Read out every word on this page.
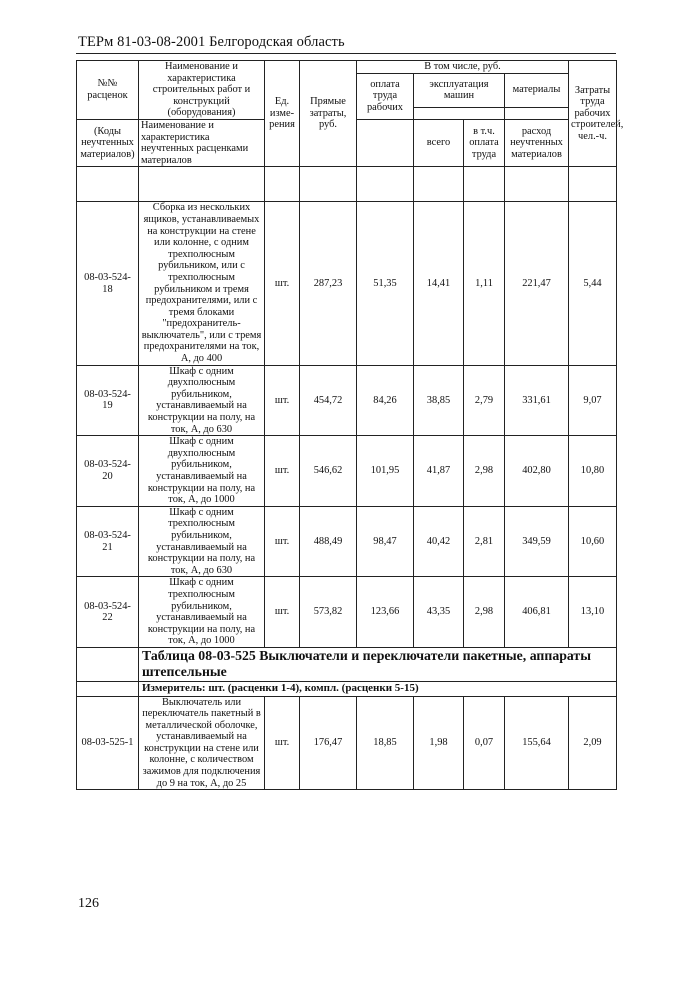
ТЕРм 81-03-08-2001 Белгородская область
№№ расценок	Наименование и характеристика строительных работ и конструкций (оборудования)	Ед. изме-рения	Прямые затраты, руб.	В том числе, руб.				Затраты труда рабочих строителей, чел.-ч.
				оплата труда рабочих	эксплуатация машин		материалы	

(Коды неучтенных материалов)	Наименование и характеристика неучтенных расценками материалов				всего	в т.ч. оплата труда	расход неучтенных материалов	

08-03-524-18	Сборка из нескольких ящиков, устанавливаемых на конструкции на стене или колонне, с одним трехполюсным рубильником, или с трехполюсным рубильником и тремя предохранителями, или с тремя блоками "предохранитель-выключатель", или с тремя предохранителями на ток, А, до 400	шт.	287,23	51,35	14,41	1,11	221,47	5,44
08-03-524-19	Шкаф с одним двухполюсным рубильником, устанавливаемый на конструкции на полу, на ток, А, до 630	шт.	454,72	84,26	38,85	2,79	331,61	9,07
08-03-524-20	Шкаф с одним двухполюсным рубильником, устанавливаемый на конструкции на полу, на ток, А, до 1000	шт.	546,62	101,95	41,87	2,98	402,80	10,80
08-03-524-21	Шкаф с одним трехполюсным рубильником, устанавливаемый на конструкции на полу, на ток, А, до 630	шт.	488,49	98,47	40,42	2,81	349,59	10,60
08-03-524-22	Шкаф с одним трехполюсным рубильником, устанавливаемый на конструкции на полу, на ток, А, до 1000	шт.	573,82	123,66	43,35	2,98	406,81	13,10
	Таблица 08-03-525 Выключатели и переключатели пакетные, аппараты штепсельные							
	Измеритель: шт. (расценки 1-4), компл. (расценки 5-15)							
08-03-525-1	Выключатель или переключатель пакетный в металлической оболочке, устанавливаемый на конструкции на стене или колонне, с количеством зажимов для подключения до 9 на ток, А, до 25	шт.	176,47	18,85	1,98	0,07	155,64	2,09
126
